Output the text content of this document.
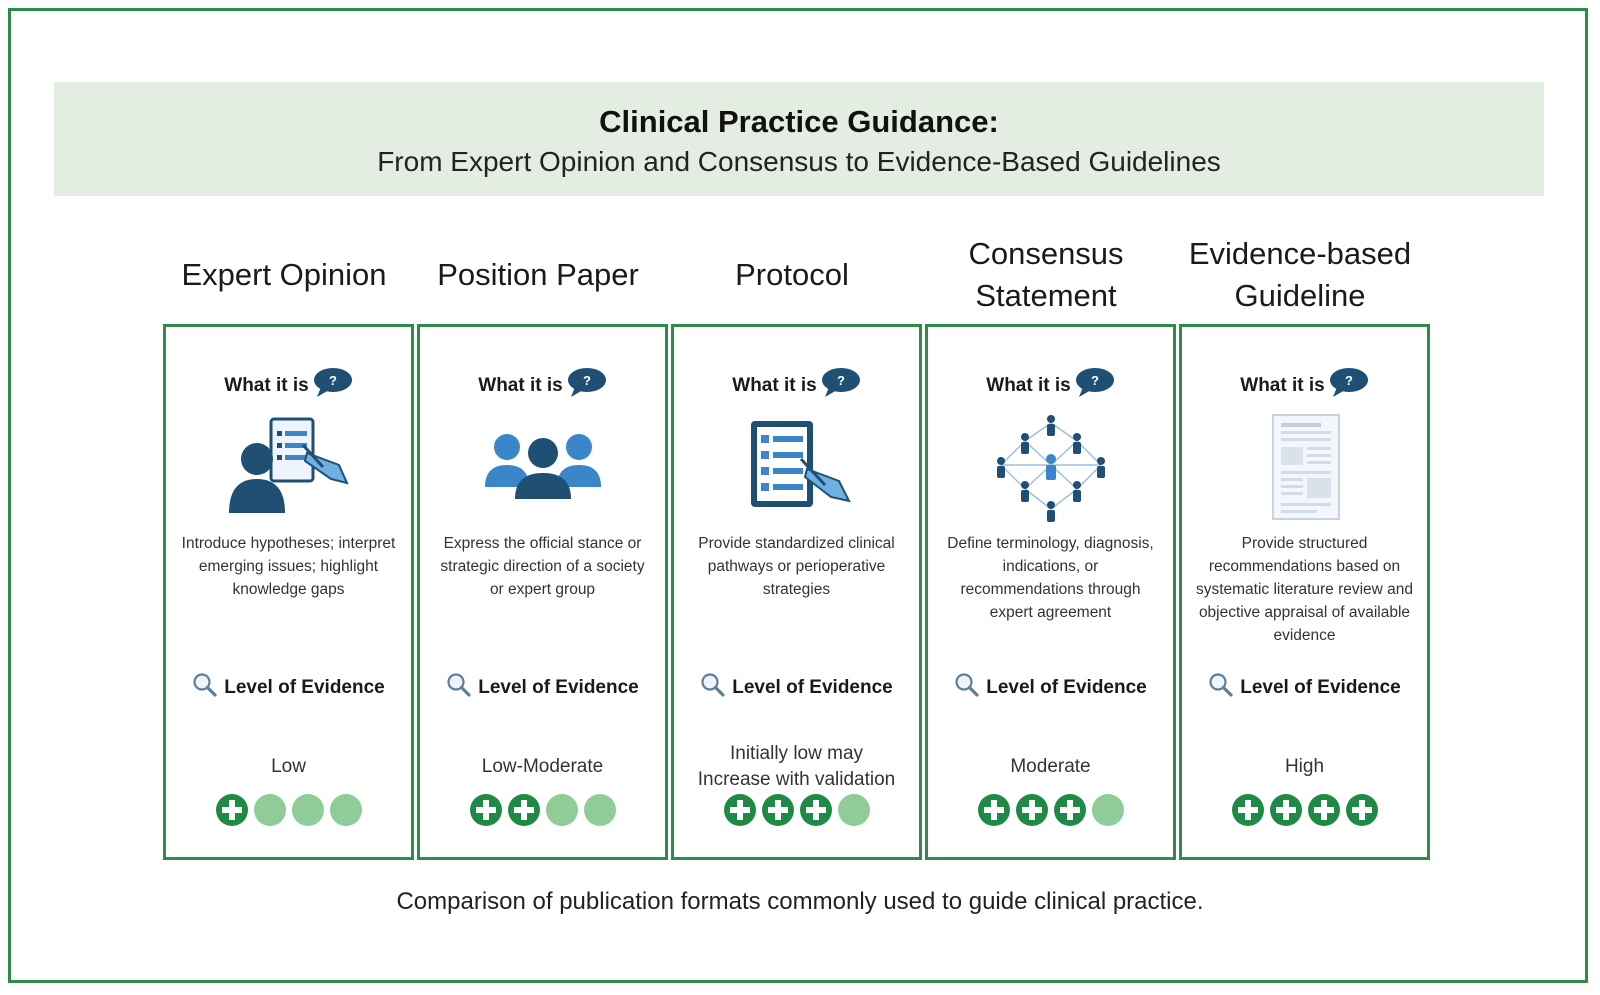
Clinical Practice Guidance:
From Expert Opinion and Consensus to Evidence-Based Guidelines
Expert Opinion
What it is ?
Introduce hypotheses; interpret emerging issues; highlight knowledge gaps
Level of Evidence
Low
Position Paper
What it is ?
Express the official stance or strategic direction of a society or expert group
Level of Evidence
Low-Moderate
Protocol
What it is ?
Provide standardized clinical pathways or perioperative strategies
Level of Evidence
Initially low may
Increase with validation
Consensus
Statement
What it is ?
Define terminology, diagnosis, indications, or recommendations through expert agreement
Level of Evidence
Moderate
Evidence-based
Guideline
What it is ?
Provide structured recommendations based on systematic literature review and objective appraisal of available evidence
Level of Evidence
High
Comparison of publication formats commonly used to guide clinical practice.
